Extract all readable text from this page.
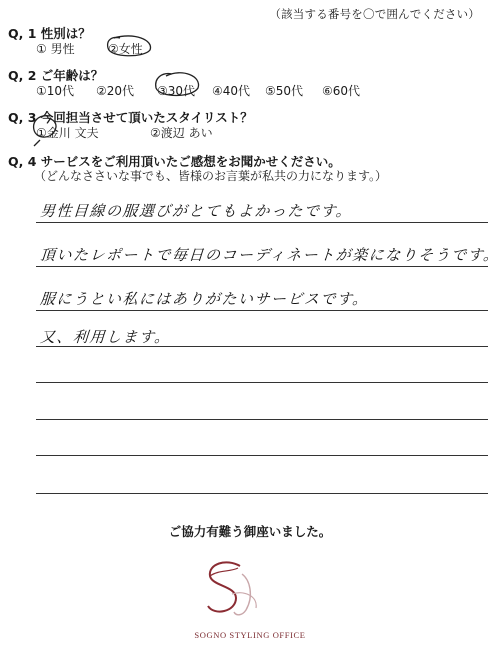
（該当する番号を〇で囲んでください）
Q, 1 性別は？
① 男性	②女性
Q, 2 ご年齢は？
①10代 ②20代 ③30代 ④40代 ⑤50代 ⑥60代
Q, 3 今回担当させて頂いたスタイリスト？
①金川 文夫	②渡辺 あい
Q, 4 サービスをご利用頂いたご感想をお聞かせください。
（どんなささいな事でも、皆様のお言葉が私共の力になります。）
男性目線の服選びがとてもよかったです。
頂いたレポートで毎日のコーディネートが楽になりそうです。
服にうとい私にはありがたいサービスです。
又、利用します。
ご協力有難う御座いました。
SOGNO STYLING OFFICE
